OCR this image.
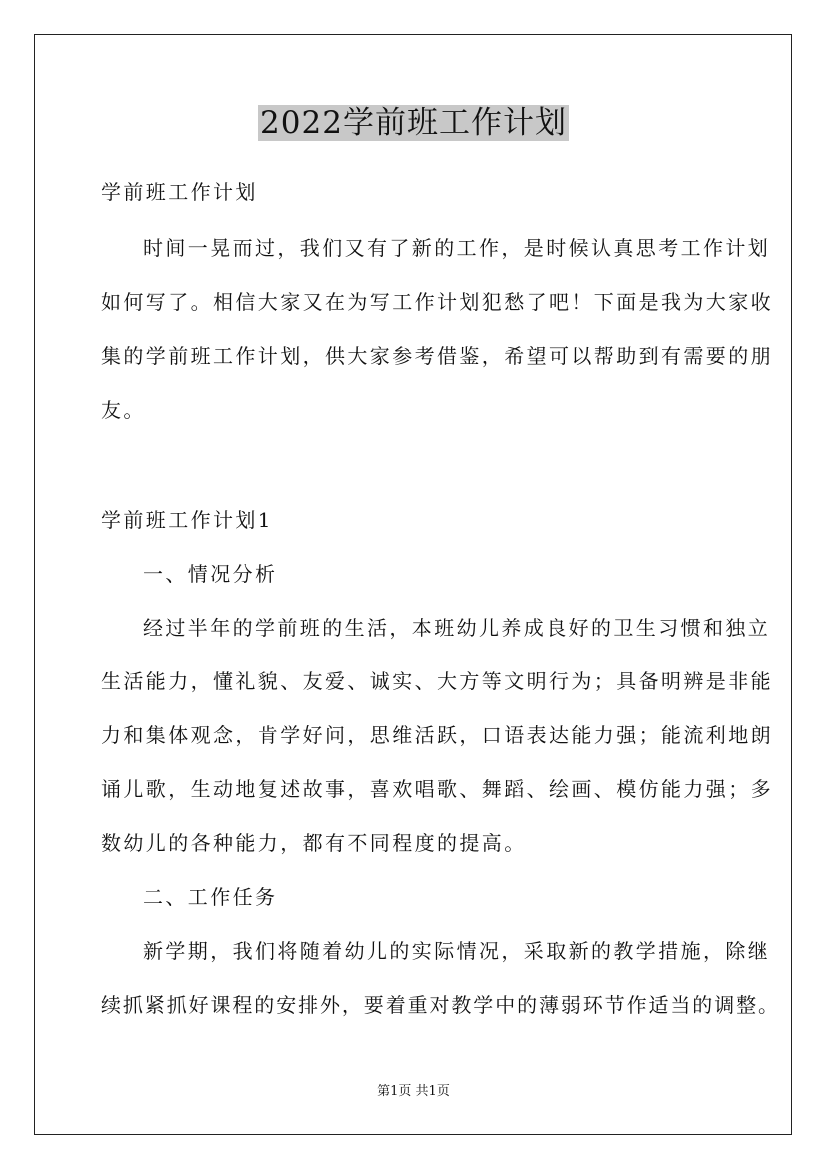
2022学前班工作计划
学前班工作计划
时间一晃而过，我们又有了新的工作，是时候认真思考工作计划
如何写了。相信大家又在为写工作计划犯愁了吧！下面是我为大家收
集的学前班工作计划，供大家参考借鉴，希望可以帮助到有需要的朋
友。
学前班工作计划1
一、情况分析
经过半年的学前班的生活，本班幼儿养成良好的卫生习惯和独立
生活能力，懂礼貌、友爱、诚实、大方等文明行为；具备明辨是非能
力和集体观念，肯学好问，思维活跃，口语表达能力强；能流利地朗
诵儿歌，生动地复述故事，喜欢唱歌、舞蹈、绘画、模仿能力强；多
数幼儿的各种能力，都有不同程度的提高。
二、工作任务
新学期，我们将随着幼儿的实际情况，采取新的教学措施，除继
续抓紧抓好课程的安排外，要着重对教学中的薄弱环节作适当的调整。
第1页 共1页
